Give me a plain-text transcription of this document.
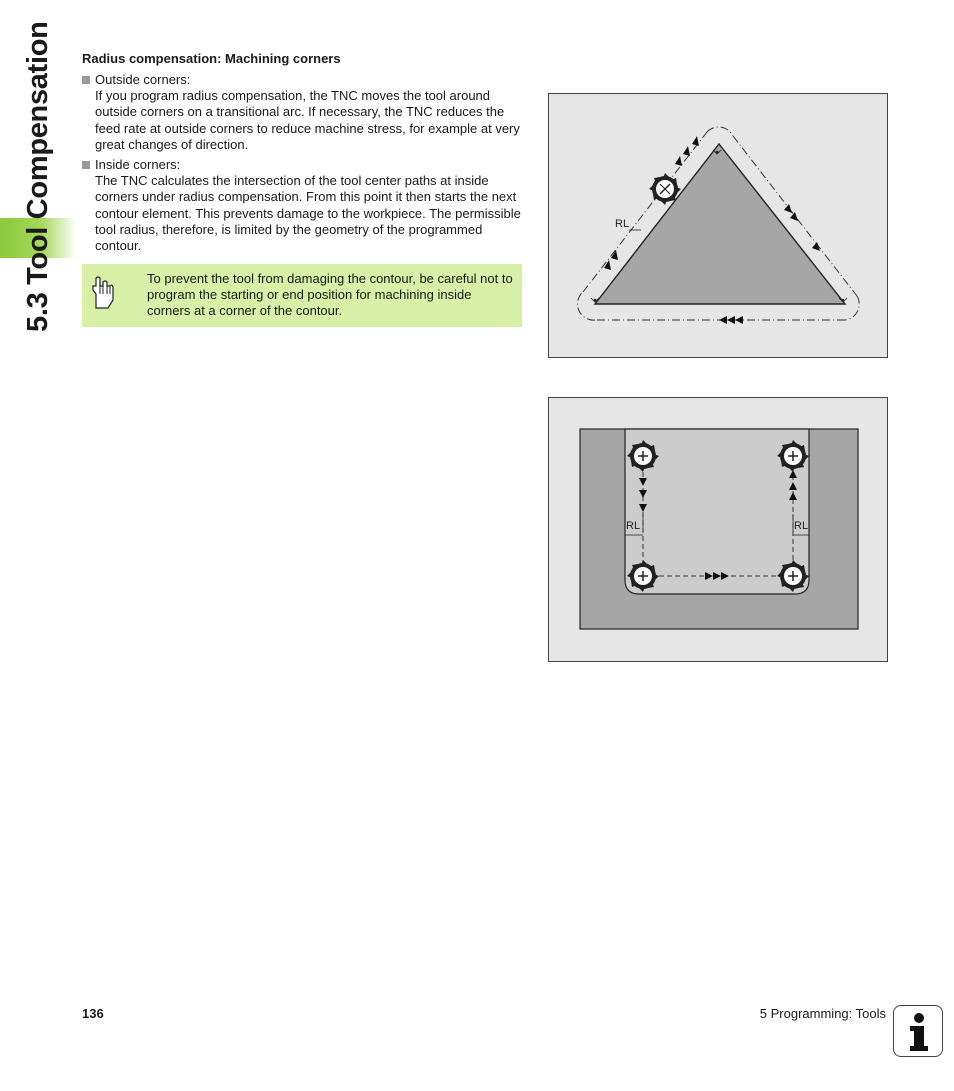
5.3 Tool Compensation	Radius compensation: Machining corners
Outside corners:
If you program radius compensation, the TNC moves the tool around outside corners on a transitional arc. If necessary, the TNC reduces the feed rate at outside corners to reduce machine stress, for example at very great changes of direction.
Inside corners:
The TNC calculates the intersection of the tool center paths at inside corners under radius compensation. From this point it then starts the next contour element. This prevents damage to the workpiece. The permissible tool radius, therefore, is limited by the geometry of the programmed contour.
To prevent the tool from damaging the contour, be careful not to program the starting or end position for machining inside corners at a corner of the contour.
RL
RL	RL
136	5 Programming: Tools
